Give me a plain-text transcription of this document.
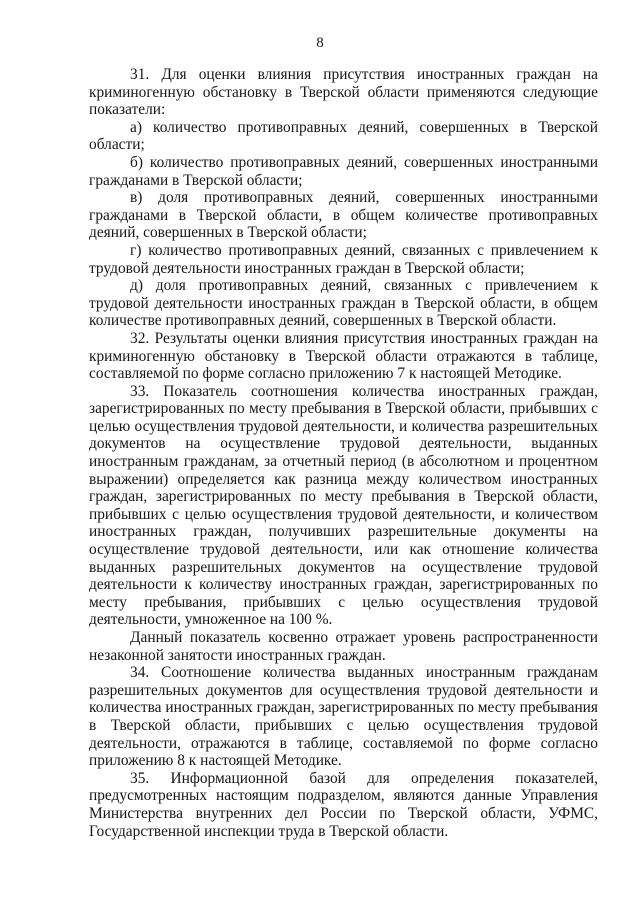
8

31. Для оценки влияния присутствия иностранных граждан на криминогенную обстановку в Тверской области применяются следующие показатели:

а) количество противоправных деяний, совершенных в Тверской области;

б) количество противоправных деяний, совершенных иностранными гражданами в Тверской области;

в) доля противоправных деяний, совершенных иностранными гражданами в Тверской области, в общем количестве противоправных деяний, совершенных в Тверской области;

г) количество противоправных деяний, связанных с привлечением к трудовой деятельности иностранных граждан в Тверской области;

д) доля противоправных деяний, связанных с привлечением к трудовой деятельности иностранных граждан в Тверской области, в общем количестве противоправных деяний, совершенных в Тверской области.

32. Результаты оценки влияния присутствия иностранных граждан на криминогенную обстановку в Тверской области отражаются в таблице, составляемой по форме согласно приложению 7 к настоящей Методике.

33. Показатель соотношения количества иностранных граждан, зарегистрированных по месту пребывания в Тверской области, прибывших с целью осуществления трудовой деятельности, и количества разрешительных документов на осуществление трудовой деятельности, выданных иностранным гражданам, за отчетный период (в абсолютном и процентном выражении) определяется как разница между количеством иностранных граждан, зарегистрированных по месту пребывания в Тверской области, прибывших с целью осуществления трудовой деятельности, и количеством иностранных граждан, получивших разрешительные документы на осуществление трудовой деятельности, или как отношение количества выданных разрешительных документов на осуществление трудовой деятельности к количеству иностранных граждан, зарегистрированных по месту пребывания, прибывших с целью осуществления трудовой деятельности, умноженное на 100 %.

Данный показатель косвенно отражает уровень распространенности незаконной занятости иностранных граждан.

34. Соотношение количества выданных иностранным гражданам разрешительных документов для осуществления трудовой деятельности и количества иностранных граждан, зарегистрированных по месту пребывания в Тверской области, прибывших с целью осуществления трудовой деятельности, отражаются в таблице, составляемой по форме согласно приложению 8 к настоящей Методике.

35. Информационной базой для определения показателей, предусмотренных настоящим подразделом, являются данные Управления Министерства внутренних дел России по Тверской области, УФМС, Государственной инспекции труда в Тверской области.
